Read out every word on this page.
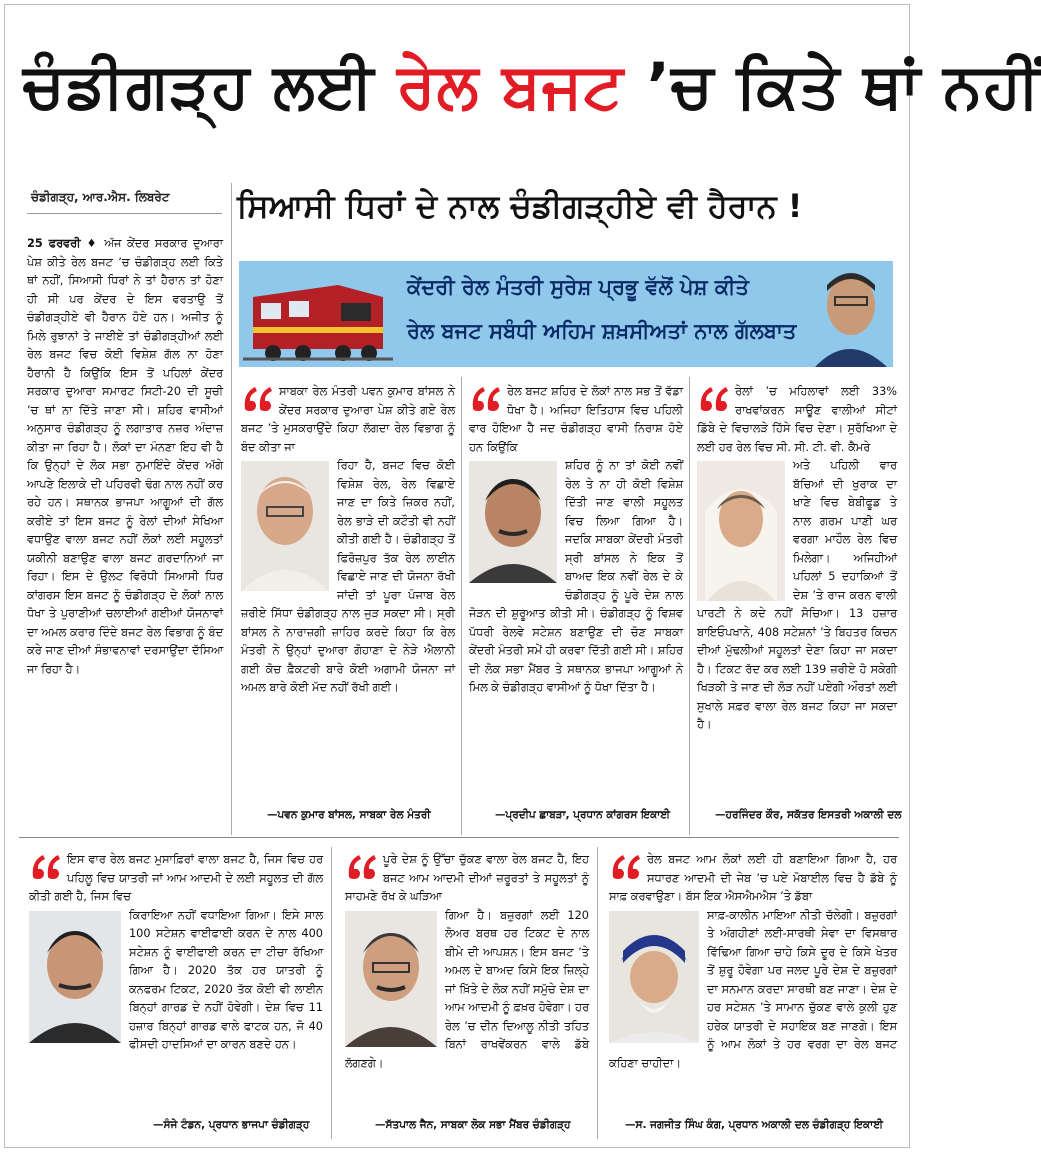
ਚੰਡੀਗੜ੍ਹ ਲਈ ਰੇਲ ਬਜਟ ’ਚ ਕਿਤੇ ਥਾਂ ਨਹੀਂ
ਚੰਡੀਗੜ੍ਹ, ਆਰ.ਐਸ. ਲਿਬਰੇਟ ਸਿਆਸੀ ਧਿਰਾਂ ਦੇ ਨਾਲ ਚੰਡੀਗੜ੍ਹੀਏ ਵੀ ਹੈਰਾਨ !
25 ਫਰਵਰੀ ♦ ਅੱਜ ਕੇਂਦਰ ਸਰਕਾਰ ਦੁਆਰਾ ਪੇਸ਼ ਕੀਤੇ ਰੇਲ ਬਜਟ ’ਚ ਚੰਡੀਗੜ੍ਹ ਲਈ ਕਿਤੇ ਥਾਂ ਨਹੀਂ, ਸਿਆਸੀ ਧਿਰਾਂ ਨੇ ਤਾਂ ਹੈਰਾਨ ਤਾਂ ਹੋਣਾ ਹੀ ਸੀ ਪਰ ਕੇਂਦਰ ਦੇ ਇਸ ਵਰਤਾਉ ਤੋਂ ਚੰਡੀਗੜ੍ਹੀਏ ਵੀ ਹੈਰਾਨ ਹੋਏ ਹਨ। ਅਜੀਤ ਨੂੰ ਮਿਲੇ ਰੁਝਾਨਾਂ ਤੇ ਜਾਈਏ ਤਾਂ ਚੰਡੀਗੜ੍ਹੀਆਂ ਲਈ ਰੇਲ ਬਜਟ ਵਿਚ ਕੋਈ ਵਿਸ਼ੇਸ਼ ਗੱਲ ਨਾ ਹੋਣਾ ਹੈਰਾਨੀ ਹੈ ਕਿਉਂਕਿ ਇਸ ਤੋਂ ਪਹਿਲਾਂ ਕੇਂਦਰ ਸਰਕਾਰ ਦੁਆਰਾ ਸਮਾਰਟ ਸਿਟੀ-20 ਦੀ ਸੂਚੀ ’ਚ ਥਾਂ ਨਾ ਦਿੱਤੇ ਜਾਣਾ ਸੀ। ਸ਼ਹਿਰ ਵਾਸੀਆਂ ਅਨੁਸਾਰ ਚੰਡੀਗੜ੍ਹ ਨੂੰ ਲਗਾਤਾਰ ਨਜ਼ਰ ਅੰਦਾਜ਼ ਕੀਤਾ ਜਾ ਰਿਹਾ ਹੈ। ਲੋਕਾਂ ਦਾ ਮੰਨਣਾ ਇਹ ਵੀ ਹੈ ਕਿ ਉਨ੍ਹਾਂ ਦੇ ਲੋਕ ਸਭਾ ਨੁਮਾਇੰਦੇ ਕੇਂਦਰ ਅੱਗੇ ਆਪਣੇ ਇਲਾਕੇ ਦੀ ਪਹਿਰਵੀ ਢੰਗ ਨਾਲ ਨਹੀਂ ਕਰ ਰਹੇ ਹਨ। ਸਥਾਨਕ ਭਾਜਪਾ ਆਗੂਆਂ ਦੀ ਗੱਲ ਕਰੀਏ ਤਾਂ ਇਸ ਬਜਟ ਨੂੰ ਰੇਲਾਂ ਦੀਆਂ ਸੇਖਿਆ ਵਧਾਉਣ ਵਾਲਾ ਬਜਟ ਨਹੀਂ ਲੋਕਾਂ ਲਈ ਸਹੂਲਤਾਂ ਯਕੀਨੀ ਬਣਾਉਣ ਵਾਲਾ ਬਜਟ ਗਰਦਾਨਿਆਂ ਜਾ ਰਿਹਾ। ਇਸ ਦੇ ਉਲਟ ਵਿਰੋਧੀ ਸਿਆਸੀ ਧਿਰ ਕਾਂਗਰਸ ਇਸ ਬਜਟ ਨੂੰ ਚੰਡੀਗੜ੍ਹ ਦੇ ਲੋਕਾਂ ਨਾਲ ਧੋਖਾ ਤੇ ਪੁਰਾਣੀਆਂ ਚਲਾਈਆਂ ਗਈਆਂ ਯੋਜਨਾਵਾਂ ਦਾ ਅਮਲ ਕਰਾਰ ਦਿੰਦੇ ਬਜਟ ਰੇਲ ਵਿਭਾਗ ਨੂੰ ਬੰਦ ਕਰੇ ਜਾਣ ਦੀਆਂ ਸੰਭਾਵਨਾਵਾਂ ਦਰਸਾਉਂਦਾ ਦੱਸਿਆ ਜਾ ਰਿਹਾ ਹੈ।
ਕੇਂਦਰੀ ਰੇਲ ਮੰਤਰੀ ਸੁਰੇਸ਼ ਪ੍ਰਭੂ ਵੱਲੋਂ ਪੇਸ਼ ਕੀਤੇ
ਰੇਲ ਬਜਟ ਸਬੰਧੀ ਅਹਿਮ ਸ਼ਖ਼ਸੀਅਤਾਂ ਨਾਲ ਗੱਲਬਾਤ
ਸਾਬਕਾ ਰੇਲ ਮੰਤਰੀ ਪਵਨ ਕੁਮਾਰ ਬਾਂਸਲ ਨੇ ਕੇਂਦਰ ਸਰਕਾਰ ਦੁਆਰਾ ਪੇਸ਼ ਕੀਤੇ ਗਏ ਰੇਲ ਬਜਟ ’ਤੇ ਮੁਸਕਰਾਉਂਦੇ ਕਿਹਾ ਲੱਗਦਾ ਰੇਲ ਵਿਭਾਗ ਨੂੰ ਬੰਦ ਕੀਤਾ ਜਾ
ਰਿਹਾ ਹੈ, ਬਜਟ ਵਿਚ ਕੋਈ ਵਿਸ਼ੇਸ਼ ਰੇਲ, ਰੇਲ ਵਿਛਾਏ ਜਾਣ ਦਾ ਕਿਤੇ ਜ਼ਿਕਰ ਨਹੀਂ, ਰੇਲ ਭਾੜੇ ਦੀ ਕਟੌਤੀ ਵੀ ਨਹੀਂ ਕੀਤੀ ਗਈ ਹੈ। ਚੰਡੀਗੜ੍ਹ ਤੋਂ ਫਿਰੋਜ਼ਪੁਰ ਤੱਕ ਰੇਲ ਲਾਈਨ ਵਿਛਾਏ ਜਾਣ ਦੀ ਯੋਜਨਾ ਰੱਖੀ ਜਾਂਦੀ ਤਾਂ ਪੂਰਾ ਪੰਜਾਬ ਰੇਲ ਜ਼ਰੀਏ ਸਿੱਧਾ ਚੰਡੀਗੜ੍ਹ ਨਾਲ ਜੁੜ ਸਕਦਾ ਸੀ। ਸ੍ਰੀ ਬਾਂਸਲ ਨੇ ਨਾਰਾਜ਼ਗੀ ਜ਼ਾਹਿਰ ਕਰਦੇ ਕਿਹਾ ਕਿ ਰੇਲ ਮੰਤਰੀ ਨੇ ਉਨ੍ਹਾਂ ਦੁਆਰਾ ਗੋਹਾਣਾ ਦੇ ਨੇੜੇ ਐਲਾਨੀ ਗਈ ਕੋਚ ਫ਼ੈਕਟਰੀ ਬਾਰੇ ਕੋਈ ਅਗਾਮੀ ਯੋਜਨਾ ਜਾਂ ਅਮਲ ਬਾਰੇ ਕੋਈ ਮੱਦ ਨਹੀਂ ਰੱਖੀ ਗਈ।
—ਪਵਨ ਕੁਮਾਰ ਬਾਂਸਲ, ਸਾਬਕਾ ਰੇਲ ਮੰਤਰੀ
ਰੇਲ ਬਜਟ ਸ਼ਹਿਰ ਦੇ ਲੋਕਾਂ ਨਾਲ ਸਭ ਤੋਂ ਵੱਡਾ ਧੋਖਾ ਹੈ। ਅਜਿਹਾ ਇਤਿਹਾਸ ਵਿਚ ਪਹਿਲੀ ਵਾਰ ਹੋਇਆ ਹੈ ਜਦ ਚੰਡੀਗੜ੍ਹ ਵਾਸੀ ਨਿਰਾਸ਼ ਹੋਏ ਹਨ ਕਿਉਂਕਿ
ਸ਼ਹਿਰ ਨੂੰ ਨਾ ਤਾਂ ਕੋਈ ਨਵੀਂ ਰੇਲ ਤੇ ਨਾ ਹੀ ਕੋਈ ਵਿਸ਼ੇਸ਼ ਦਿੱਤੀ ਜਾਣ ਵਾਲੀ ਸਹੂਲਤ ਵਿਚ ਲਿਆ ਗਿਆ ਹੈ। ਜਦਕਿ ਸਾਬਕਾ ਕੇਂਦਰੀ ਮੰਤਰੀ ਸ੍ਰੀ ਬਾਂਸਲ ਨੇ ਇਕ ਤੋਂ ਬਾਅਦ ਇਕ ਨਵੀਂ ਰੇਲ ਦੇ ਕੇ ਚੰਡੀਗੜ੍ਹ ਨੂੰ ਪੂਰੇ ਦੇਸ਼ ਨਾਲ ਜੋੜਨ ਦੀ ਸ਼ੁਰੂਆਤ ਕੀਤੀ ਸੀ। ਚੰਡੀਗੜ੍ਹ ਨੂੰ ਵਿਸ਼ਵ ਪੱਧਰੀ ਰੇਲਵੇ ਸਟੇਸ਼ਨ ਬਣਾਉਣ ਦੀ ਚੋਣ ਸਾਬਕਾ ਕੇਂਦਰੀ ਮੰਤਰੀ ਸਮੇਂ ਹੀ ਕਰਵਾ ਦਿੱਤੀ ਗਈ ਸੀ। ਸ਼ਹਿਰ ਦੀ ਲੋਕ ਸਭਾ ਮੈਂਬਰ ਤੇ ਸਥਾਨਕ ਭਾਜਪਾ ਆਗੂਆਂ ਨੇ ਮਿਲ ਕੇ ਚੰਡੀਗੜ੍ਹ ਵਾਸੀਆਂ ਨੂੰ ਧੋਖਾ ਦਿੱਤਾ ਹੈ।
—ਪ੍ਰਦੀਪ ਛਾਬੜਾ, ਪ੍ਰਧਾਨ ਕਾਂਗਰਸ ਇਕਾਈ
ਰੇਲਾਂ ’ਚ ਮਹਿਲਾਵਾਂ ਲਈ 33% ਰਾਖਵਾਂਕਰਨ ਸਾਊਣ ਵਾਲੀਆਂ ਸੀਟਾਂ ਡਿੱਬੇ ਦੇ ਵਿਚਾਲੜੇ ਹਿੱਸੇ ਵਿਚ ਦੇਣਾ। ਸੁਰੱਖਿਆ ਦੇ ਲਈ ਹਰ ਰੇਲ ਵਿਚ ਸੀ. ਸੀ. ਟੀ. ਵੀ. ਕੈਮਰੇ
ਅਤੇ ਪਹਿਲੀ ਵਾਰ ਬੱਚਿਆਂ ਦੀ ਖੁਰਾਕ ਦਾ ਖਾਣੇ ਵਿਚ ਬੇਬੀਫੂਡ ਤੇ ਨਾਲ ਗਰਮ ਪਾਣੀ ਘਰ ਵਰਗਾ ਮਾਹੌਲ ਰੇਲ ਵਿਚ ਮਿਲੇਗਾ। ਅਜਿਹੀਆਂ ਪਹਿਲਾਂ 5 ਦਹਾਕਿਆਂ ਤੋਂ ਦੇਸ਼ ’ਤੇ ਰਾਜ ਕਰਨ ਵਾਲੀ ਪਾਰਟੀ ਨੇ ਕਦੇ ਨਹੀਂ ਸੋਚਿਆ। 13 ਹਜ਼ਾਰ ਬਾਇਓਪਖਾਨੇ, 408 ਸਟੇਸ਼ਨਾਂ ’ਤੇ ਬਿਹਤਰ ਕਿਚਨ ਦੀਆਂ ਮੁੱਢਲੀਆਂ ਸਹੂਲਤਾਂ ਦੇਣਾ ਕਿਹਾ ਜਾ ਸਕਦਾ ਹੈ। ਟਿਕਟ ਰੱਦ ਕਰ ਲਈ 139 ਜ਼ਰੀਏ ਹੋ ਸਕੇਗੀ ਖਿੜਕੀ ਤੇ ਜਾਣ ਦੀ ਲੋੜ ਨਹੀਂ ਪਏਗੀ ਔਰਤਾਂ ਲਈ ਸੁਖਾਲੇ ਸਫ਼ਰ ਵਾਲਾ ਰੇਲ ਬਜਟ ਕਿਹਾ ਜਾ ਸਕਦਾ ਹੈ।
—ਹਰਜਿੰਦਰ ਕੌਰ, ਸਕੱਤਰ ਇਸਤਰੀ ਅਕਾਲੀ ਦਲ
ਇਸ ਵਾਰ ਰੇਲ ਬਜਟ ਮੁਸਾਫ਼ਿਰਾਂ ਵਾਲਾ ਬਜਟ ਹੈ, ਜਿਸ ਵਿਚ ਹਰ ਪਹਿਲੂ ਵਿਚ ਯਾਤਰੀ ਜਾਂ ਆਮ ਆਦਮੀ ਦੇ ਲਈ ਸਹੂਲਤ ਦੀ ਗੱਲ ਕੀਤੀ ਗਈ ਹੈ, ਜਿਸ ਵਿਚ
ਕਿਰਾਇਆ ਨਹੀਂ ਵਧਾਇਆ ਗਿਆ। ਇਸੇ ਸਾਲ 100 ਸਟੇਸ਼ਨ ਵਾਈਫਾਈ ਕਰਨ ਦੇ ਨਾਲ 400 ਸਟੇਸ਼ਨ ਨੂੰ ਵਾਈਫਾਈ ਕਰਨ ਦਾ ਟੀਚਾ ਰੱਖਿਆ ਗਿਆ ਹੈ। 2020 ਤੱਕ ਹਰ ਯਾਤਰੀ ਨੂੰ ਕਨਫਰਮ ਟਿਕਟ, 2020 ਤੱਕ ਕੋਈ ਵੀ ਲਾਈਨ ਬਿਨ੍ਹਾਂ ਗਾਰਡ ਦੇ ਨਹੀਂ ਹੋਵੇਗੀ। ਦੇਸ਼ ਵਿਚ 11 ਹਜ਼ਾਰ ਬਿਨ੍ਹਾਂ ਗਾਰਡ ਵਾਲੇ ਫਾਟਕ ਹਨ, ਜੋ 40 ਫੀਸਦੀ ਹਾਦਸਿਆਂ ਦਾ ਕਾਰਨ ਬਣਦੇ ਹਨ।
—ਸੰਜੇ ਟੰਡਨ, ਪ੍ਰਧਾਨ ਭਾਜਪਾ ਚੰਡੀਗੜ੍ਹ
ਪੂਰੇ ਦੇਸ਼ ਨੂੰ ਉੱਚਾ ਚੁੱਕਣ ਵਾਲਾ ਰੇਲ ਬਜਟ ਹੈ, ਇਹ ਬਜਟ ਆਮ ਆਦਮੀ ਦੀਆਂ ਜ਼ਰੂਰਤਾਂ ਤੇ ਸਹੂਲਤਾਂ ਨੂੰ ਸਾਹਮਣੇ ਰੱਖ ਕੇ ਘੜਿਆ
ਗਿਆ ਹੈ। ਬਜ਼ੁਰਗਾਂ ਲਈ 120 ਲੋਅਰ ਬਰਥ ਹਰ ਟਿਕਟ ਦੇ ਨਾਲ ਬੀਮੇ ਦੀ ਆਪਸ਼ਨ। ਇਸ ਬਜਟ ’ਤੇ ਅਮਲ ਦੇ ਬਾਅਦ ਕਿਸੇ ਇਕ ਜ਼ਿਲ੍ਹੇ ਜਾਂ ਖ਼ਿੱਤੇ ਦੇ ਲੋਕ ਨਹੀਂ ਸਮੁੱਚੇ ਦੇਸ਼ ਦਾ ਆਮ ਆਦਮੀ ਨੂੰ ਫ਼ਖ਼ਰ ਹੋਵੇਗਾ। ਹਰ ਰੇਲ ’ਚ ਦੀਨ ਦਿਆਲੂ ਨੀਤੀ ਤਹਿਤ ਬਿਨਾਂ ਰਾਖਵੇਂਕਰਨ ਵਾਲੇ ਡੱਬੇ ਲੱਗਣਗੇ।
—ਸੱਤਪਾਲ ਜੈਨ, ਸਾਬਕਾ ਲੋਕ ਸਭਾ ਮੈਂਬਰ ਚੰਡੀਗੜ੍ਹ
ਰੇਲ ਬਜਟ ਆਮ ਲੋਕਾਂ ਲਈ ਹੀ ਬਣਾਇਆ ਗਿਆ ਹੈ, ਹਰ ਸਧਾਰਣ ਆਦਮੀ ਦੀ ਜੇਬ ’ਚ ਪਏ ਮੋਬਾਈਲ ਵਿਚ ਹੈ ਡੱਬੇ ਨੂੰ ਸਾਫ਼ ਕਰਵਾਉਣਾ। ਬੱਸ ਇਕ ਐਸਐਮਐਸ ’ਤੇ ਡੱਬਾ
ਸਾਫ਼-ਕਾਲੀਨ ਮਾਇਆ ਨੀਤੀ ਚੱਲੇਗੀ। ਬਜ਼ੁਰਗਾਂ ਤੇ ਅੰਗਹੀਣਾਂ ਲਈ-ਸਾਰਥੀ ਸੇਵਾ ਦਾ ਵਿਸਥਾਰ ਵਿੱਢਿਆ ਗਿਆ ਚਾਹੇ ਕਿਸੇ ਦੂਰ ਦੇ ਕਿਸੇ ਖੇਤਰ ਤੋਂ ਸ਼ੁਰੂ ਹੋਵੇਗਾ ਪਰ ਜਲਦ ਪੂਰੇ ਦੇਸ਼ ਦੇ ਬਜ਼ੁਰਗਾਂ ਦਾ ਸਨਮਾਨ ਕਰਦਾ ਸਾਰਥੀ ਬਣ ਜਾਣਾ। ਦੇਸ਼ ਦੇ ਹਰ ਸਟੇਸ਼ਨ ’ਤੇ ਸਾਮਾਨ ਚੁੱਕਣ ਵਾਲੇ ਕੁਲੀ ਹੁਣ ਹਰੇਕ ਯਾਤਰੀ ਦੇ ਸਹਾਇਕ ਬਣ ਜਾਣਗੇ। ਇਸ ਨੂੰ ਆਮ ਲੋਕਾਂ ਤੇ ਹਰ ਵਰਗ ਦਾ ਰੇਲ ਬਜਟ ਕਹਿਣਾ ਚਾਹੀਦਾ।
—ਸ. ਜਗਜੀਤ ਸਿੰਘ ਕੰਗ, ਪ੍ਰਧਾਨ ਅਕਾਲੀ ਦਲ ਚੰਡੀਗੜ੍ਹ ਇਕਾਈ
